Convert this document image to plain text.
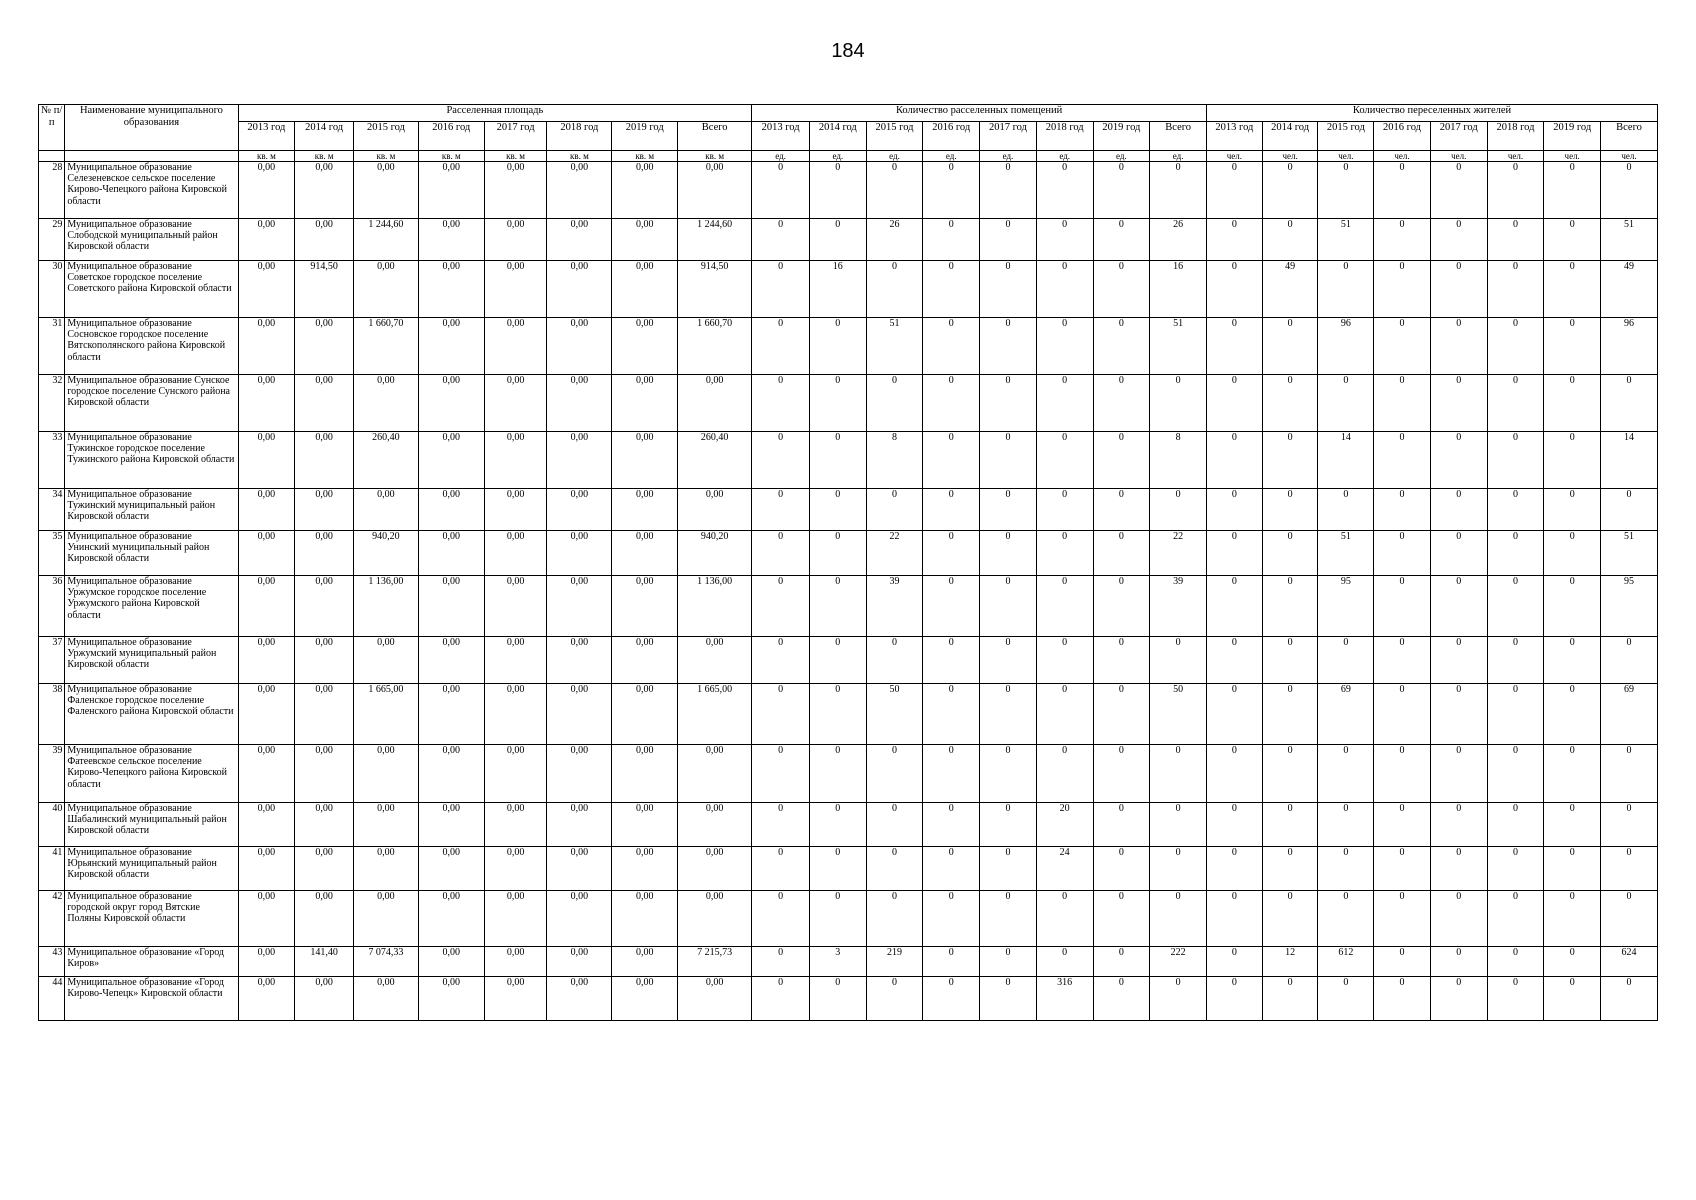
184
№ п/п	Наименование муниципального образования	Расселенная площадь								Количество расселенных помещений								Количество переселенных жителей							
		2013 год	2014 год	2015 год	2016 год	2017 год	2018 год	2019 год	Всего	2013 год	2014 год	2015 год	2016 год	2017 год	2018 год	2019 год	Всего	2013 год	2014 год	2015 год	2016 год	2017 год	2018 год	2019 год	Всего
		кв. м	кв. м	кв. м	кв. м	кв. м	кв. м	кв. м	кв. м	ед.	ед.	ед.	ед.	ед.	ед.	ед.	ед.	чел.	чел.	чел.	чел.	чел.	чел.	чел.	чел.
28	Муниципальное образование Селезеневское сельское поселение Кирово-Чепецкого района Кировской области	0,00	0,00	0,00	0,00	0,00	0,00	0,00	0,00	0	0	0	0	0	0	0	0	0	0	0	0	0	0	0	0
29	Муниципальное образование Слободской муниципальный район Кировской области	0,00	0,00	1 244,60	0,00	0,00	0,00	0,00	1 244,60	0	0	26	0	0	0	0	26	0	0	51	0	0	0	0	51
30	Муниципальное образование Советское городское поселение Советского района Кировской области	0,00	914,50	0,00	0,00	0,00	0,00	0,00	914,50	0	16	0	0	0	0	0	16	0	49	0	0	0	0	0	49
31	Муниципальное образование Сосновское городское поселение Вятскополянского района Кировской области	0,00	0,00	1 660,70	0,00	0,00	0,00	0,00	1 660,70	0	0	51	0	0	0	0	51	0	0	96	0	0	0	0	96
32	Муниципальное образование Сунское городское поселение Сунского района Кировской области	0,00	0,00	0,00	0,00	0,00	0,00	0,00	0,00	0	0	0	0	0	0	0	0	0	0	0	0	0	0	0	0
33	Муниципальное образование Тужинское городское поселение Тужинского района Кировской области	0,00	0,00	260,40	0,00	0,00	0,00	0,00	260,40	0	0	8	0	0	0	0	8	0	0	14	0	0	0	0	14
34	Муниципальное образование Тужинский муниципальный район Кировской области	0,00	0,00	0,00	0,00	0,00	0,00	0,00	0,00	0	0	0	0	0	0	0	0	0	0	0	0	0	0	0	0
35	Муниципальное образование Унинский муниципальный район Кировской области	0,00	0,00	940,20	0,00	0,00	0,00	0,00	940,20	0	0	22	0	0	0	0	22	0	0	51	0	0	0	0	51
36	Муниципальное образование Уржумское городское поселение Уржумского района Кировской области	0,00	0,00	1 136,00	0,00	0,00	0,00	0,00	1 136,00	0	0	39	0	0	0	0	39	0	0	95	0	0	0	0	95
37	Муниципальное образование Уржумский муниципальный район Кировской области	0,00	0,00	0,00	0,00	0,00	0,00	0,00	0,00	0	0	0	0	0	0	0	0	0	0	0	0	0	0	0	0
38	Муниципальное образование Фаленское городское поселение Фаленского района Кировской области	0,00	0,00	1 665,00	0,00	0,00	0,00	0,00	1 665,00	0	0	50	0	0	0	0	50	0	0	69	0	0	0	0	69
39	Муниципальное образование Фатеевское сельское поселение Кирово-Чепецкого района Кировской области	0,00	0,00	0,00	0,00	0,00	0,00	0,00	0,00	0	0	0	0	0	0	0	0	0	0	0	0	0	0	0	0
40	Муниципальное образование Шабалинский муниципальный район Кировской области	0,00	0,00	0,00	0,00	0,00	0,00	0,00	0,00	0	0	0	0	0	20	0	0	0	0	0	0	0	0	0	0
41	Муниципальное образование Юрьянский муниципальный район Кировской области	0,00	0,00	0,00	0,00	0,00	0,00	0,00	0,00	0	0	0	0	0	24	0	0	0	0	0	0	0	0	0	0
42	Муниципальное образование городской округ город Вятские Поляны Кировской области	0,00	0,00	0,00	0,00	0,00	0,00	0,00	0,00	0	0	0	0	0	0	0	0	0	0	0	0	0	0	0	0
43	Муниципальное образование «Город Киров»	0,00	141,40	7 074,33	0,00	0,00	0,00	0,00	7 215,73	0	3	219	0	0	0	0	222	0	12	612	0	0	0	0	624
44	Муниципальное образование «Город Кирово-Чепецк» Кировской области	0,00	0,00	0,00	0,00	0,00	0,00	0,00	0,00	0	0	0	0	0	316	0	0	0	0	0	0	0	0	0	0
